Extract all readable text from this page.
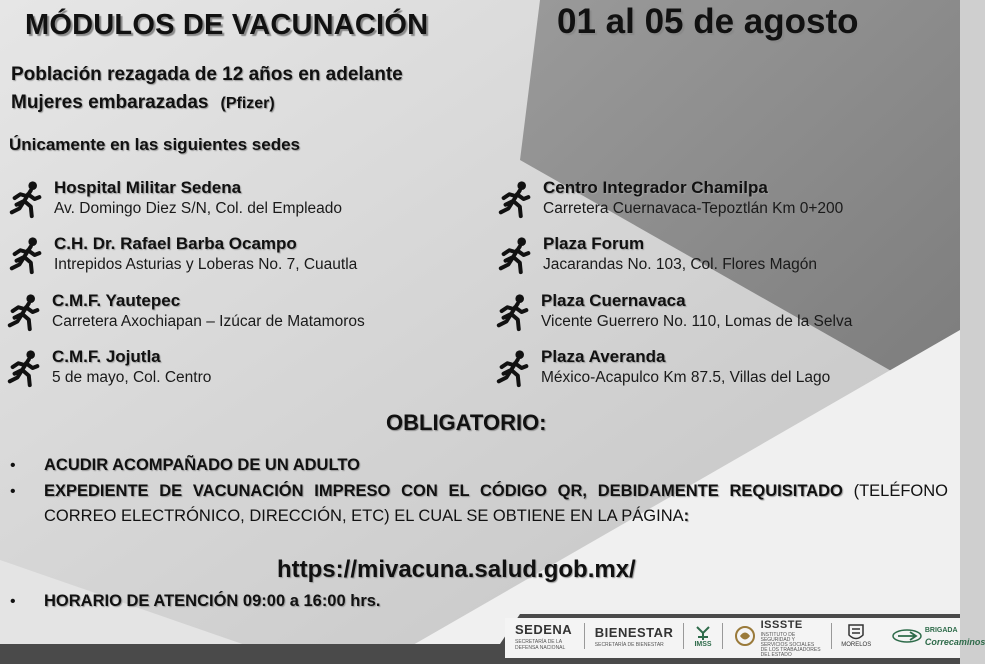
MÓDULOS DE VACUNACIÓN	01 al 05 de agosto
Población rezagada de 12 años en adelante
Mujeres embarazadas (Pfizer)
Únicamente en las siguientes sedes
Hospital Militar Sedena
Av. Domingo Diez S/N, Col. del Empleado
C.H. Dr. Rafael Barba Ocampo
Intrepidos Asturias y Loberas No. 7, Cuautla
C.M.F. Yautepec
Carretera Axochiapan – Izúcar de Matamoros
C.M.F. Jojutla
5 de mayo, Col. Centro
Centro Integrador Chamilpa
Carretera Cuernavaca-Tepoztlán Km 0+200
Plaza Forum
Jacarandas No. 103, Col. Flores Magón
Plaza Cuernavaca
Vicente Guerrero No. 110, Lomas de la Selva
Plaza Averanda
México-Acapulco Km 87.5, Villas del Lago
OBLIGATORIO:
• ACUDIR ACOMPAÑADO DE UN ADULTO
• EXPEDIENTE DE VACUNACIÓN IMPRESO CON EL CÓDIGO QR, DEBIDAMENTE REQUISITADO (TELÉFONO CORREO ELECTRÓNICO, DIRECCIÓN, ETC) EL CUAL SE OBTIENE EN LA PÁGINA:
https://mivacuna.salud.gob.mx/
• HORARIO DE ATENCIÓN 09:00 a 16:00 hrs.
SEDENA
SECRETARÍA DE LA DEFENSA NACIONAL
BIENESTAR
SECRETARÍA DE BIENESTAR	IMSS
ISSSTE
INSTITUTO DE SEGURIDAD Y SERVICIOS SOCIALES DE LOS TRABAJADORES DEL ESTADO
MORELOS
BRIGADA
Correcaminos
